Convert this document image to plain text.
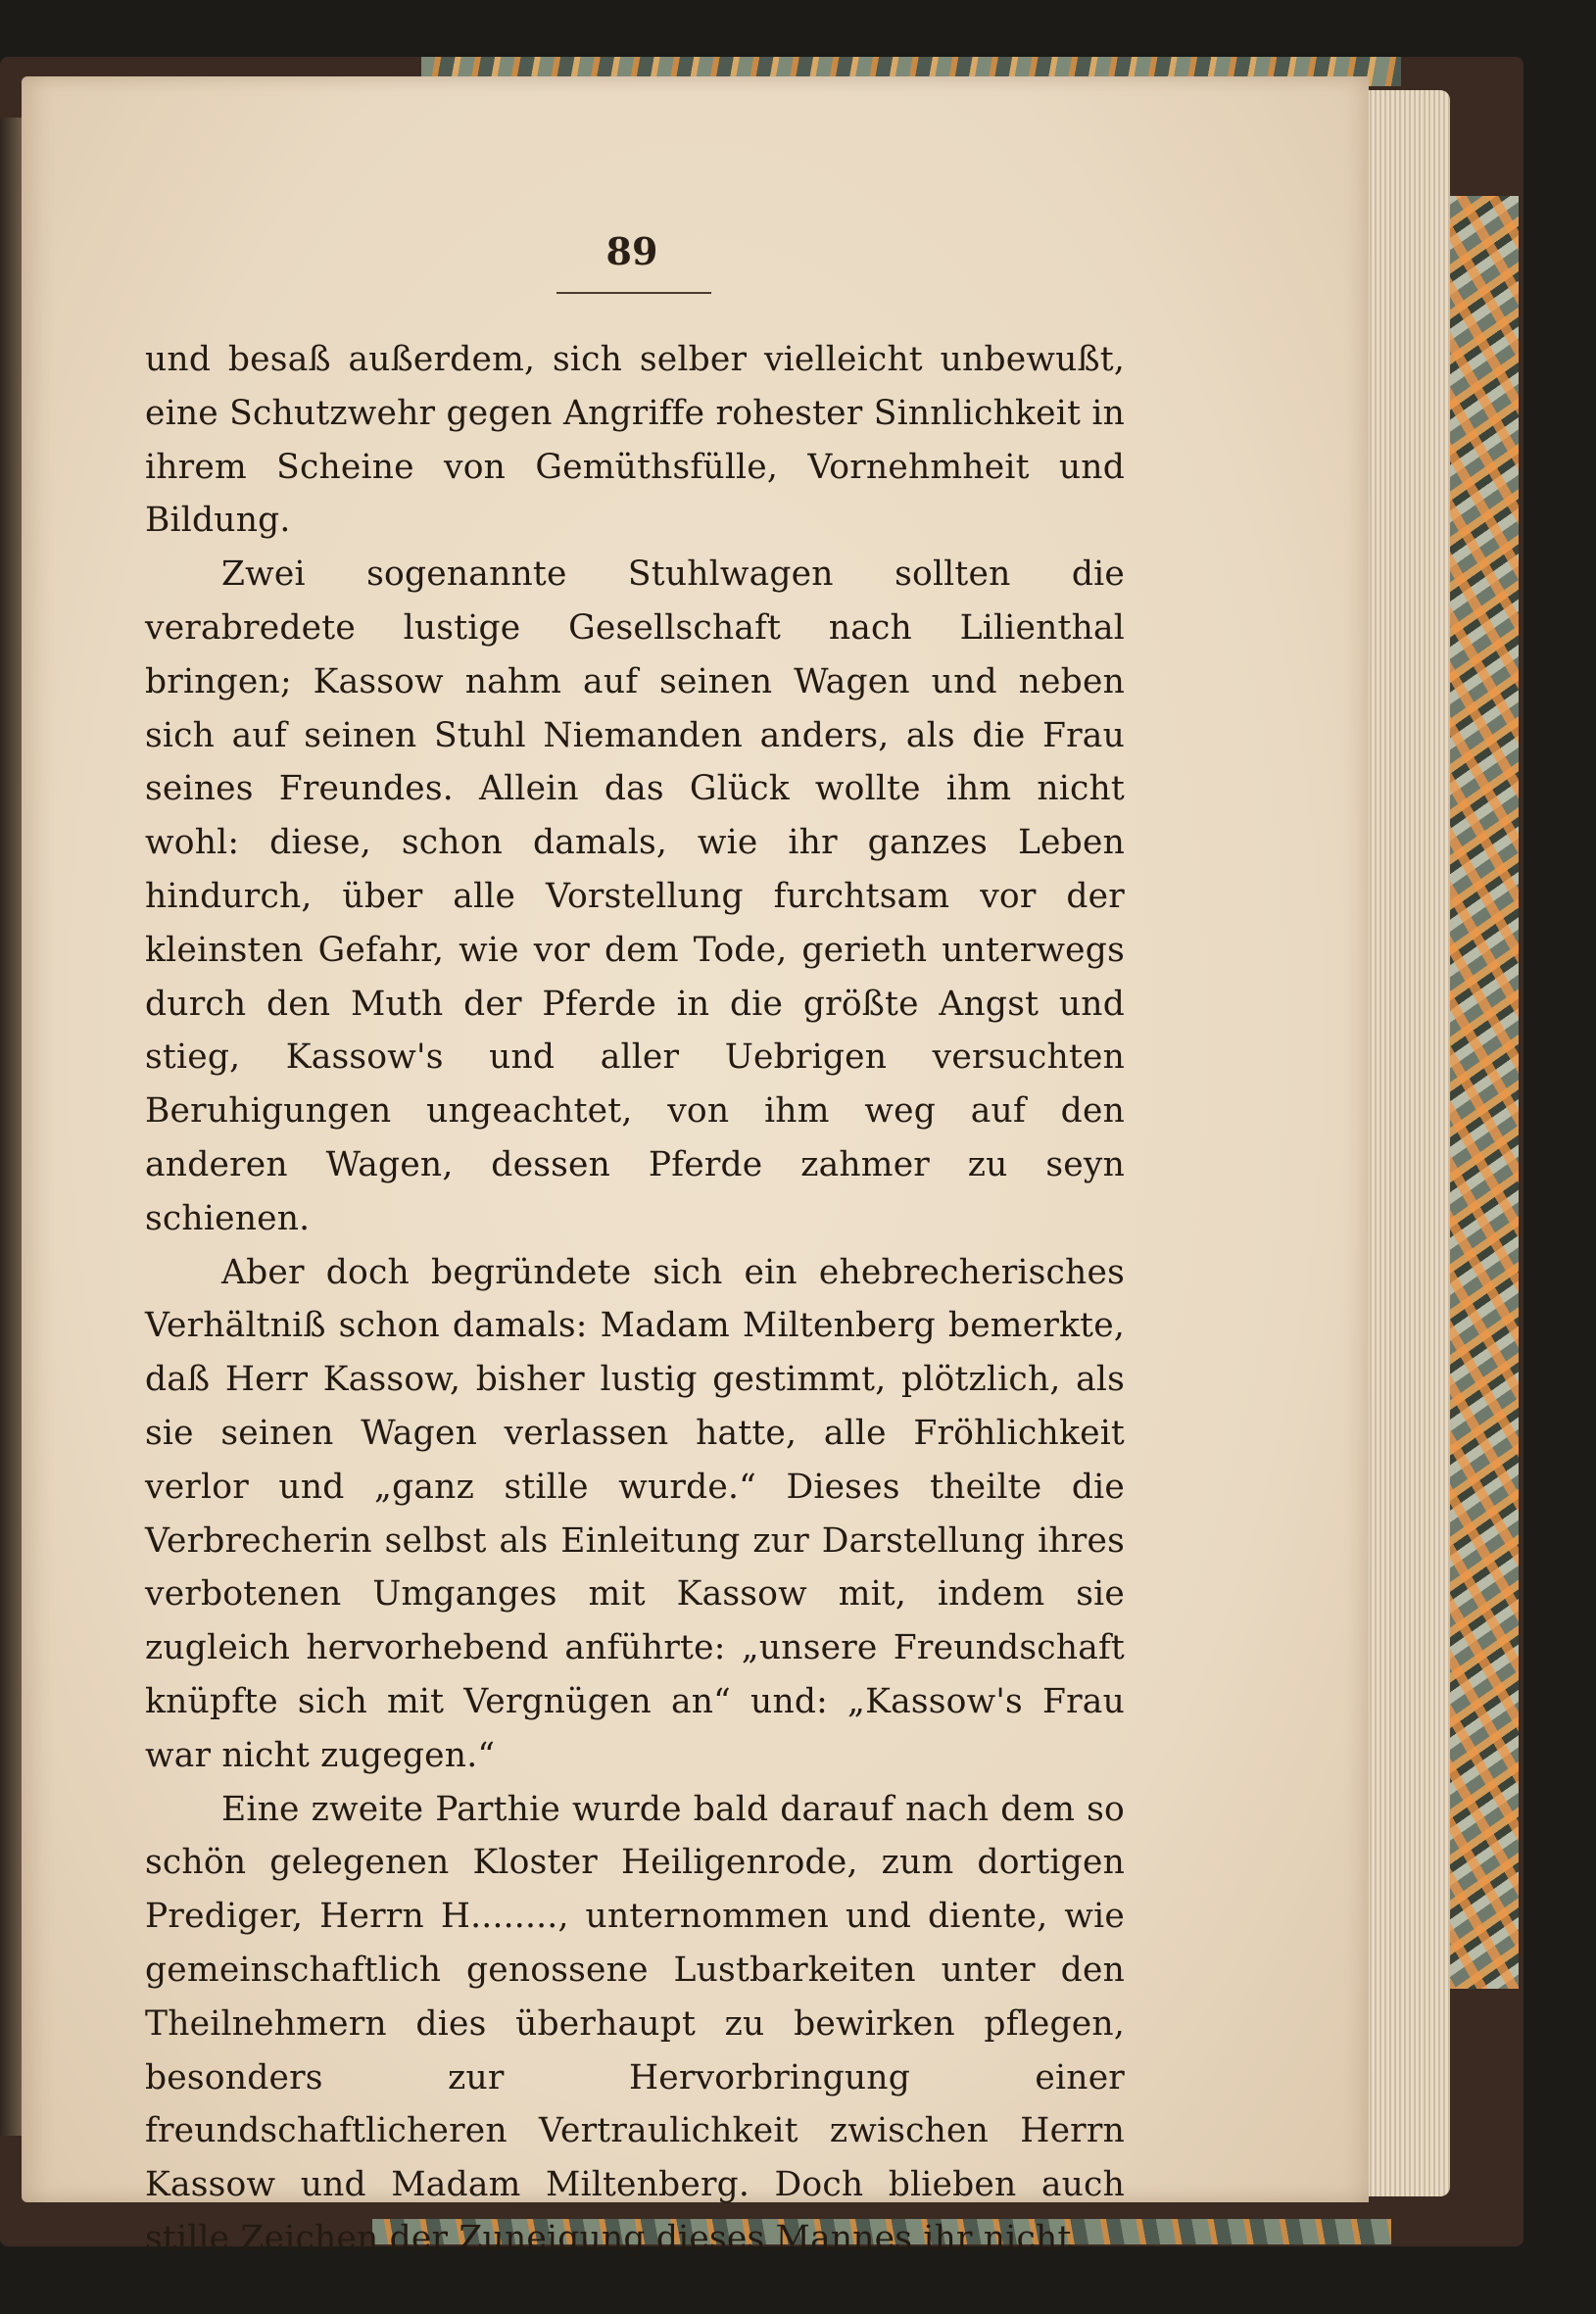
89

und besaß außerdem, sich selber vielleicht unbewußt, eine Schutzwehr gegen Angriffe rohester Sinnlichkeit in ihrem Scheine von Gemüthsfülle, Vornehmheit und Bildung.

Zwei sogenannte Stuhlwagen sollten die verabredete lustige Gesellschaft nach Lilienthal bringen; Kassow nahm auf seinen Wagen und neben sich auf seinen Stuhl Niemanden anders, als die Frau seines Freundes. Allein das Glück wollte ihm nicht wohl: diese, schon damals, wie ihr ganzes Leben hindurch, über alle Vorstellung furchtsam vor der kleinsten Gefahr, wie vor dem Tode, gerieth unterwegs durch den Muth der Pferde in die größte Angst und stieg, Kassow's und aller Uebrigen versuchten Beruhigungen ungeachtet, von ihm weg auf den anderen Wagen, dessen Pferde zahmer zu seyn schienen.

Aber doch begründete sich ein ehebrecherisches Verhältniß schon damals: Madam Miltenberg bemerkte, daß Herr Kassow, bisher lustig gestimmt, plötzlich, als sie seinen Wagen verlassen hatte, alle Fröhlichkeit verlor und „ganz stille wurde.“ Dieses theilte die Verbrecherin selbst als Einleitung zur Darstellung ihres verbotenen Umganges mit Kassow mit, indem sie zugleich hervorhebend anführte: „unsere Freundschaft knüpfte sich mit Vergnügen an“ und: „Kassow's Frau war nicht zugegen.“

Eine zweite Parthie wurde bald darauf nach dem so schön gelegenen Kloster Heiligenrode, zum dortigen Prediger, Herrn H........, unternommen und diente, wie gemeinschaftlich genossene Lustbarkeiten unter den Theilnehmern dies überhaupt zu bewirken pflegen, besonders zur Hervorbringung einer freundschaftlicheren Vertraulichkeit zwischen Herrn Kassow und Madam Miltenberg. Doch blieben auch stille Zeichen der Zuneigung dieses Mannes ihr nicht
